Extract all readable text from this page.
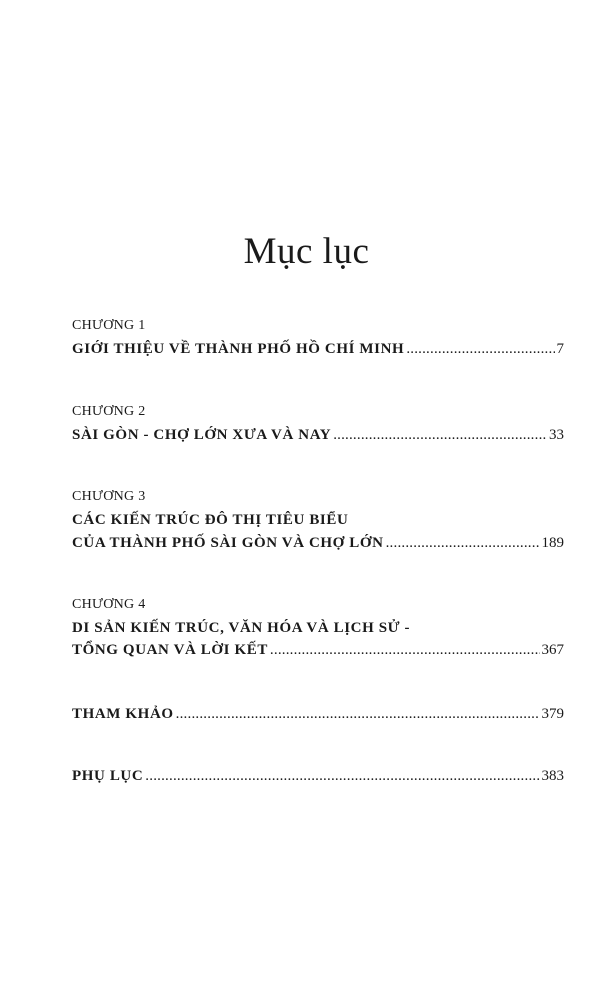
Mục lục
CHƯƠNG 1
GIỚI THIỆU VỀ THÀNH PHỐ HỒ CHÍ MINH .....	7
CHƯƠNG 2
SÀI GÒN - CHỢ LỚN XƯA VÀ NAY .....	33
CHƯƠNG 3
CÁC KIẾN TRÚC ĐÔ THỊ TIÊU BIỂU
CỦA THÀNH PHỐ SÀI GÒN VÀ CHỢ LỚN .....	189
CHƯƠNG 4
DI SẢN KIẾN TRÚC, VĂN HÓA VÀ LỊCH SỬ -
TỔNG QUAN VÀ LỜI KẾT .....	367
THAM KHẢO .....	379
PHỤ LỤC .....	383
